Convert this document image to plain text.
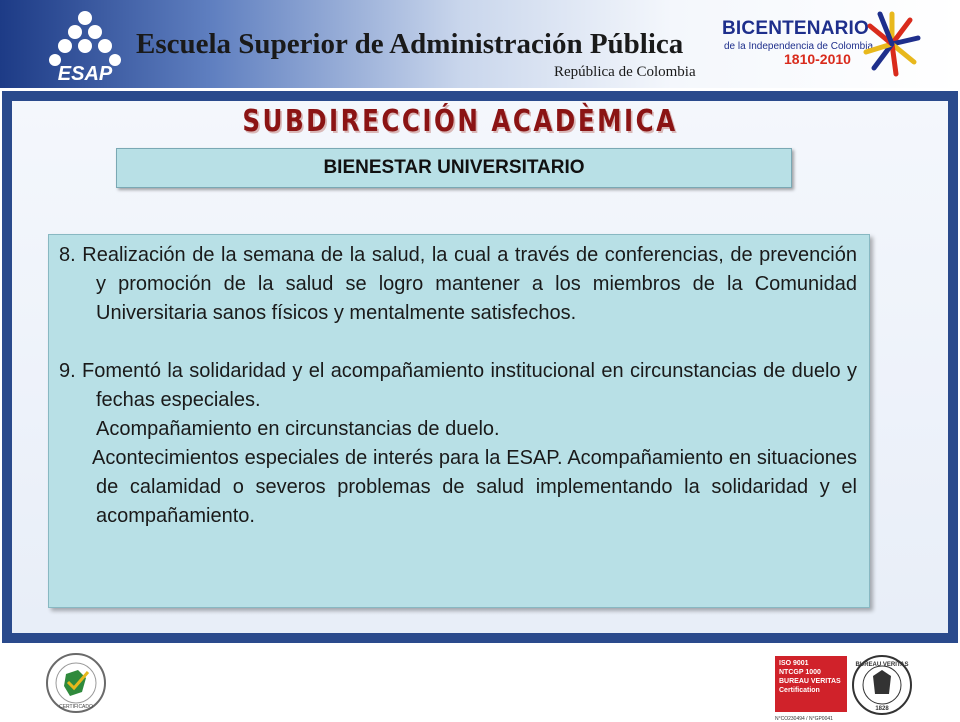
ESAP
Escuela Superior de Administración Pública
República de Colombia
BICENTENARIO
de la Independencia de Colombia
1810-2010
SUBDIRECCIÓN ACADÈMICA
BIENESTAR UNIVERSITARIO

8. Realización de la semana de la salud, la cual a través de conferencias, de prevención y promoción de la salud se logro mantener a los miembros de la Comunidad Universitaria sanos físicos y mentalmente satisfechos.

9. Fomentó la solidaridad y el acompañamiento institucional en circunstancias de duelo y fechas especiales.

Acompañamiento en circunstancias de duelo.

Acontecimientos especiales de interés para la ESAP. Acompañamiento en situaciones de calamidad o severos problemas de salud implementando la solidaridad y el acompañamiento.

CERTIFICADO
ISO 9001
NTCGP 1000
BUREAU VERITAS
Certification
BUREAU VERITAS
1828
N°CO230494 / N°GP0041
